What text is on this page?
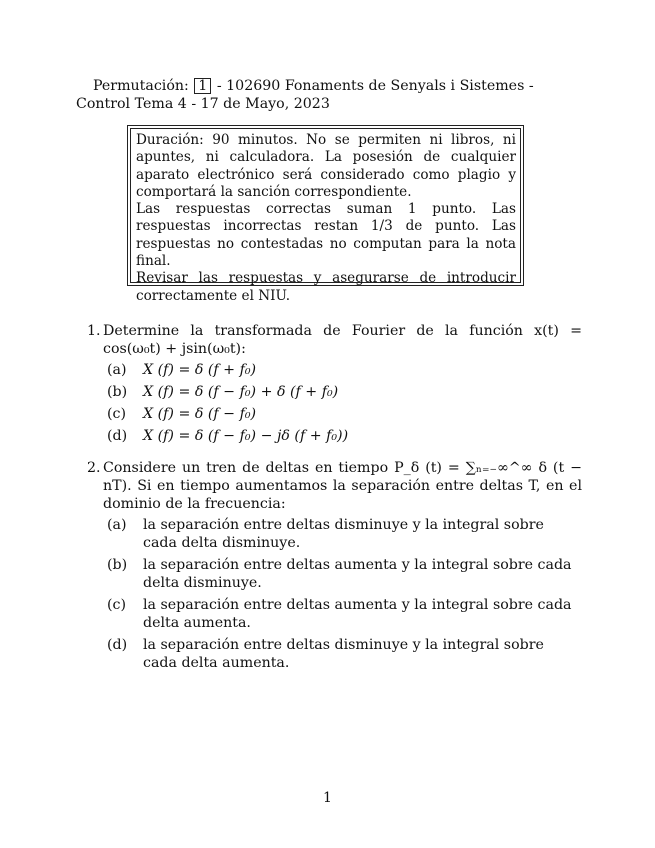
Permutación: 1 - 102690 Fonaments de Senyals i Sistemes - Control Tema 4 - 17 de Mayo, 2023

Duración: 90 minutos. No se permiten ni libros, ni apuntes, ni calculadora. La posesión de cualquier aparato electrónico será considerado como plagio y comportará la sanción correspondiente.

Las respuestas correctas suman 1 punto. Las respuestas incorrectas restan 1/3 de punto. Las respuestas no contestadas no computan para la nota final.

Revisar las respuestas y asegurarse de introducir correctamente el NIU.

1. Determine la transformada de Fourier de la función x(t) = cos(ω₀t) + jsin(ω₀t):
(a) X (f) = δ (f + f₀)
(b) X (f) = δ (f − f₀) + δ (f + f₀)
(c) X (f) = δ (f − f₀)
(d) X (f) = δ (f − f₀) − jδ (f + f₀))
2. Considere un tren de deltas en tiempo P_δ (t) = ∑ₙ₌₋∞^∞ δ (t − nT). Si en tiempo aumentamos la separación entre deltas T, en el dominio de la frecuencia:
(a) la separación entre deltas disminuye y la integral sobre cada delta disminuye.
(b) la separación entre deltas aumenta y la integral sobre cada delta disminuye.
(c) la separación entre deltas aumenta y la integral sobre cada delta aumenta.
(d) la separación entre deltas disminuye y la integral sobre cada delta aumenta.
1
